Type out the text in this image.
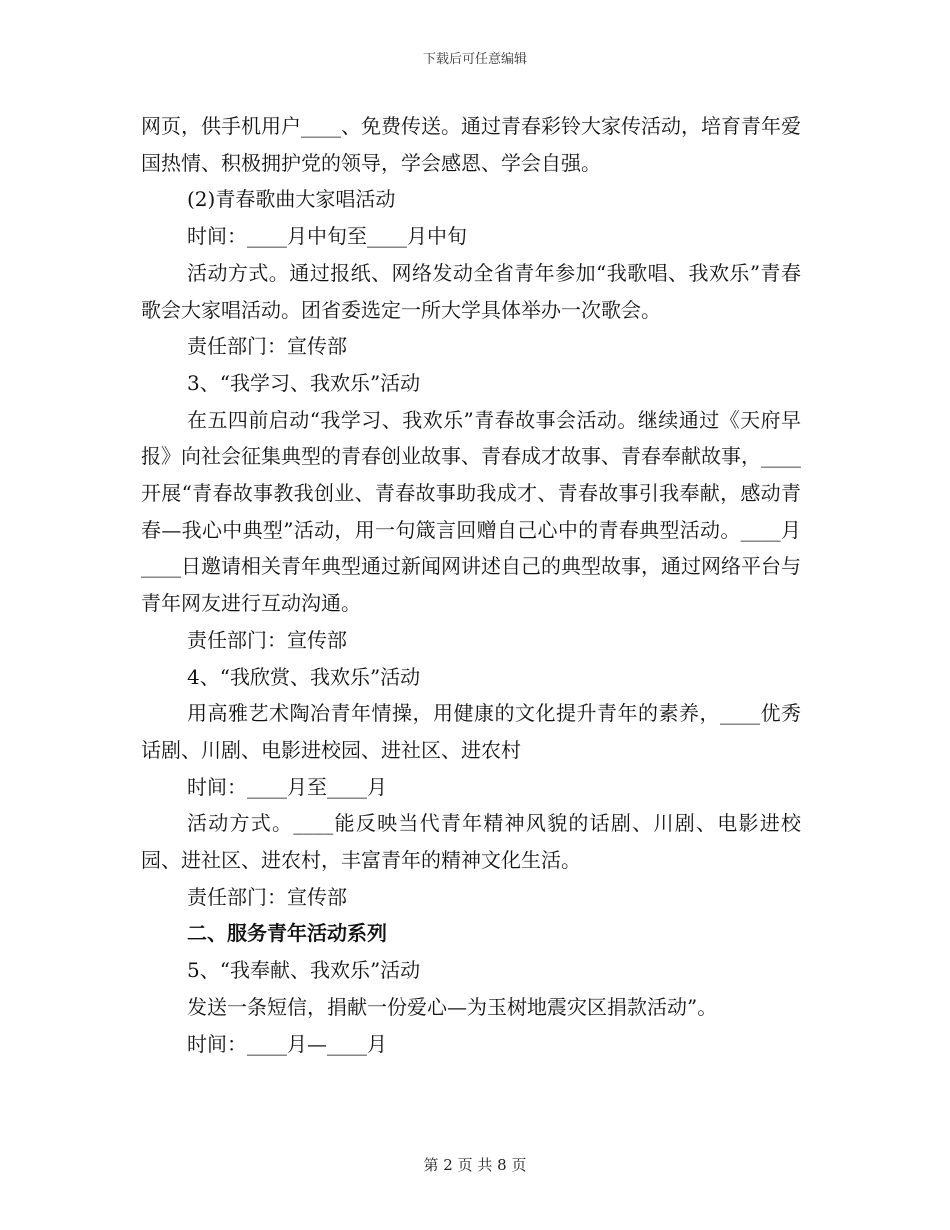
下载后可任意编辑

网页，供手机用户____、免费传送。通过青春彩铃大家传活动，培育青年爱国热情、积极拥护党的领导，学会感恩、学会自强。

(2)青春歌曲大家唱活动

时间：____月中旬至____月中旬

活动方式。通过报纸、网络发动全省青年参加“我歌唱、我欢乐”青春歌会大家唱活动。团省委选定一所大学具体举办一次歌会。

责任部门：宣传部

3、“我学习、我欢乐”活动

在五四前启动“我学习、我欢乐”青春故事会活动。继续通过《天府早报》向社会征集典型的青春创业故事、青春成才故事、青春奉献故事，____开展“青春故事教我创业、青春故事助我成才、青春故事引我奉献，感动青春—我心中典型”活动，用一句箴言回赠自己心中的青春典型活动。____月____日邀请相关青年典型通过新闻网讲述自己的典型故事，通过网络平台与青年网友进行互动沟通。

责任部门：宣传部

4、“我欣赏、我欢乐”活动

用高雅艺术陶冶青年情操，用健康的文化提升青年的素养，____优秀话剧、川剧、电影进校园、进社区、进农村

时间：____月至____月

活动方式。____能反映当代青年精神风貌的话剧、川剧、电影进校园、进社区、进农村，丰富青年的精神文化生活。

责任部门：宣传部

二、服务青年活动系列

5、“我奉献、我欢乐”活动

发送一条短信，捐献一份爱心—为玉树地震灾区捐款活动”。

时间：____月—____月

第 2 页 共 8 页
